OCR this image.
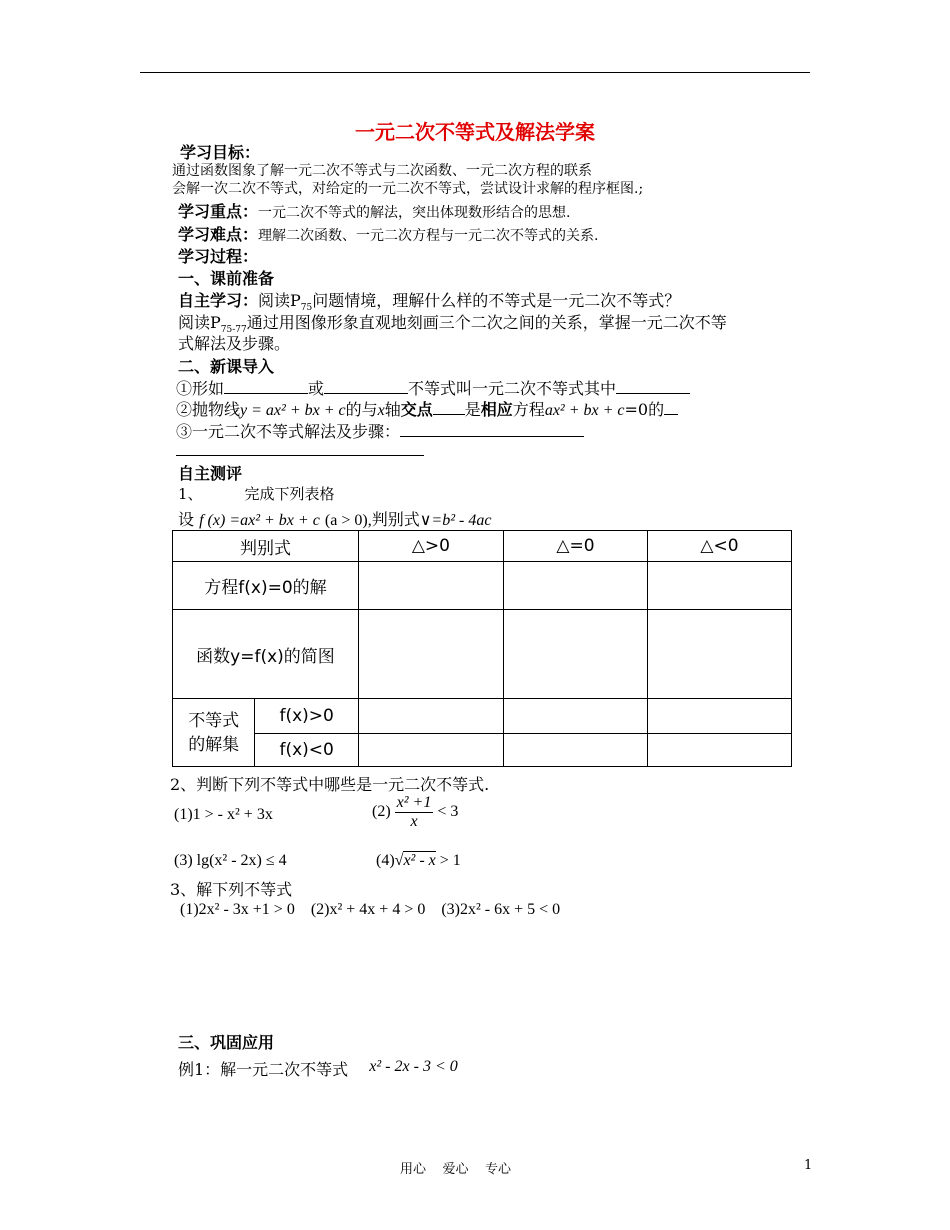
一元二次不等式及解法学案
学习目标：
通过函数图象了解一元二次不等式与二次函数、一元二次方程的联系
会解一次二次不等式，对给定的一元二次不等式，尝试设计求解的程序框图.;
学习重点：一元二次不等式的解法，突出体现数形结合的思想.
学习难点：理解二次函数、一元二次方程与一元二次不等式的关系.
学习过程：
一、课前准备
自主学习：阅读$P_{75}$问题情境，理解什么样的不等式是一元二次不等式？
阅读$P_{75-77}$通过用图像形象直观地刻画三个二次之间的关系，掌握一元二次不等
式解法及步骤。
二、新课导入
①形如	或	不等式叫一元二次不等式其中
②抛物线y = ax² + bx + c的与x轴交点 是相应方程ax² + bx + c=0的
③一元二次不等式解法及步骤：
自主测评
1、	完成下列表格
设 f (x) =ax² + bx + c (a > 0),判别式∨=b² - 4ac
判别式		△>0	△=0	△<0
方程f(x)=0的解				
函数y=f(x)的简图				
不等式
的解集	f(x)>0			
	f(x)<0			
2、判断下列不等式中哪些是一元二次不等式.
(1)1 > - x² + 3x	$(2) \frac{\text{x² +1}}{x} < 3$
(3) lg(x² - 2x) ≤ 4	(4)√x² - x > 1
3、解下列不等式
(1)2x² - 3x +1 > 0    (2)x² + 4x + 4 > 0    (3)2x² - 6x + 5 < 0
三、巩固应用
例1：解一元二次不等式 x² - 2x - 3 < 0
用心    爱心    专心	1
